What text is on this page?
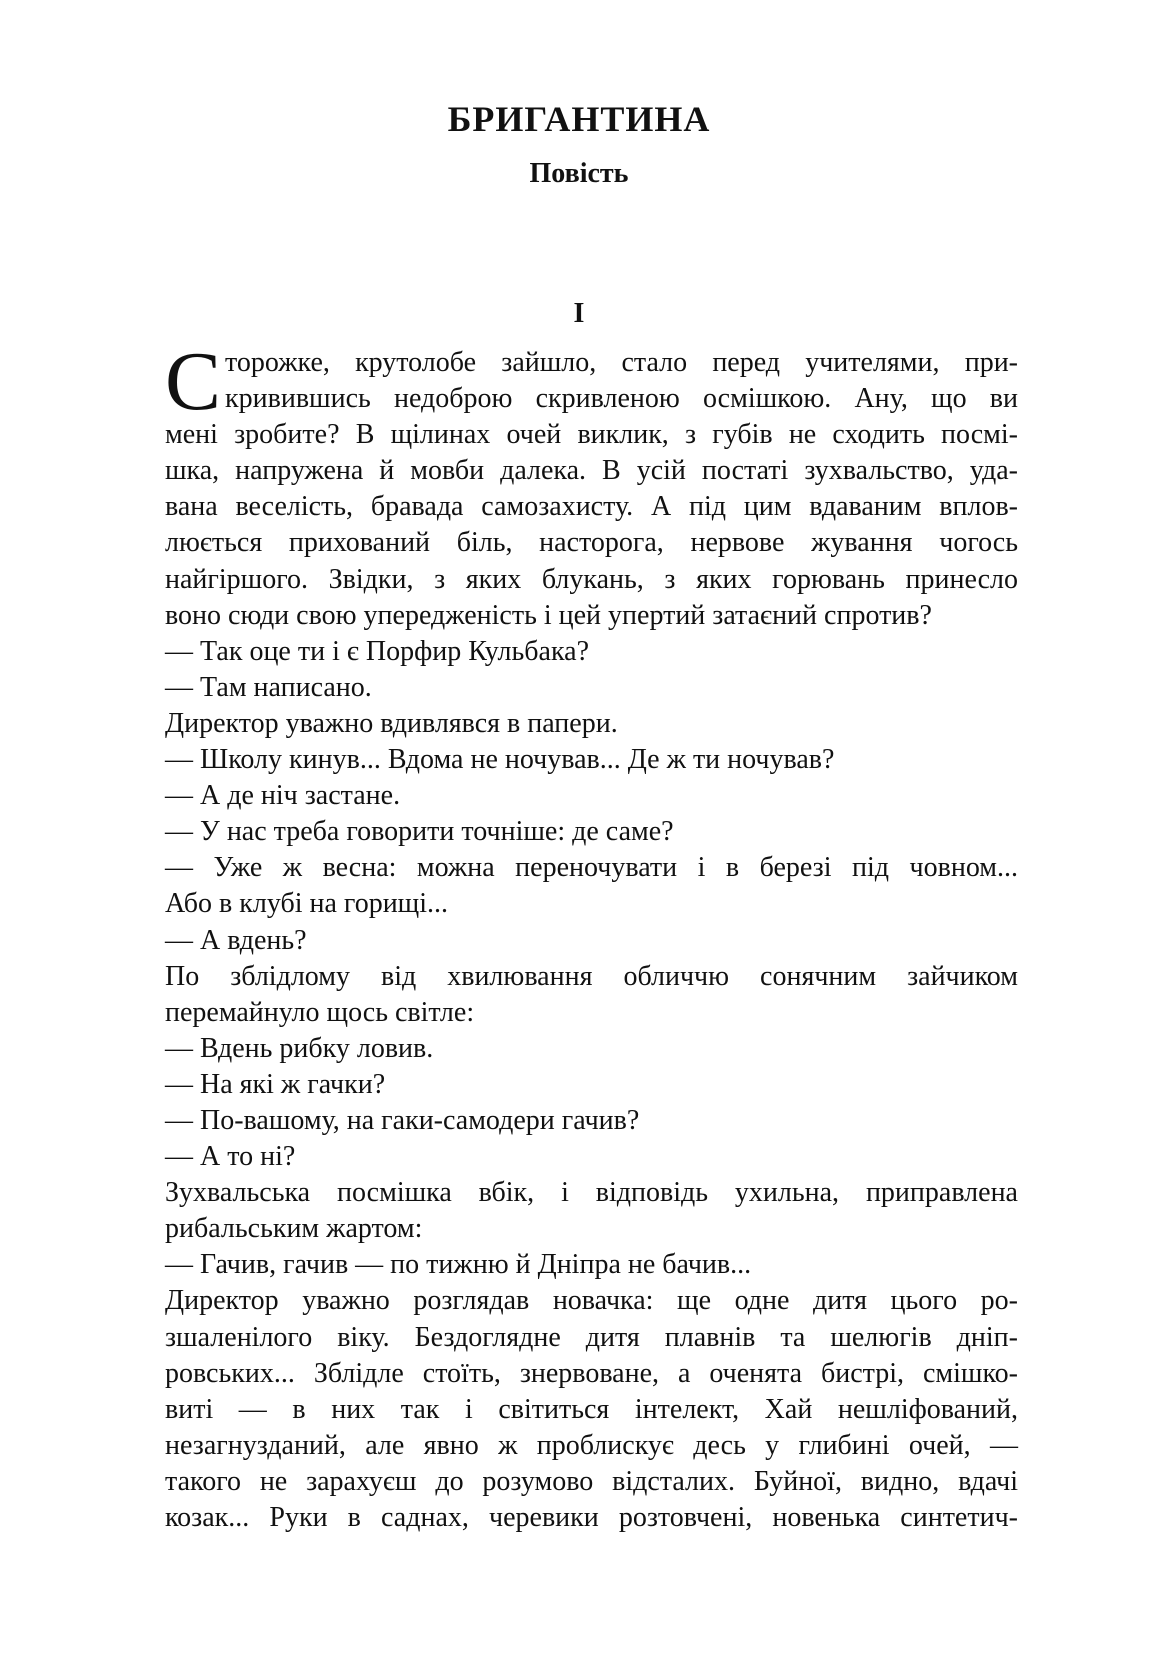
БРИГАНТИНА
Повість
I
С торожке, крутолобе зайшло, стало перед учителями, при-

кривившись недоброю скривленою осмішкою. Ану, що ви

мені зробите? В щілинах очей виклик, з губів не сходить посмі-

шка, напружена й мовби далека. В усій постаті зухвальство, уда-

вана веселість, бравада самозахисту. А під цим вдаваним вплов-

люється прихований біль, насторога, нервове жування чогось

найгіршого. Звідки, з яких блукань, з яких горювань принесло

воно сюди свою упередженість і цей упертий затаєний спротив?

— Так оце ти і є Порфир Кульбака?

— Там написано.

Директор уважно вдивлявся в папери.

— Школу кинув... Вдома не ночував... Де ж ти ночував?

— А де ніч застане.

— У нас треба говорити точніше: де саме?

— Уже ж весна: можна переночувати і в березі під човном...

Або в клубі на горищі...

— А вдень?

По зблідлому від хвилювання обличчю сонячним зайчиком

перемайнуло щось світле:

— Вдень рибку ловив.

— На які ж гачки?

— По-вашому, на гаки-самодери гачив?

— А то ні?

Зухвальська посмішка вбік, і відповідь ухильна, приправлена

рибальським жартом:

— Гачив, гачив — по тижню й Дніпра не бачив...

Директор уважно розглядав новачка: ще одне дитя цього ро-

зшаленілого віку. Бездоглядне дитя плавнів та шелюгів дніп-

ровських... Зблідле стоїть, знервоване, а оченята бистрі, смішко-

виті — в них так і світиться інтелект, Хай нешліфований,

незагнузданий, але явно ж проблискує десь у глибині очей, —

такого не зарахуєш до розумово відсталих. Буйної, видно, вдачі

козак... Руки в саднах, черевики розтовчені, новенька синтетич-
